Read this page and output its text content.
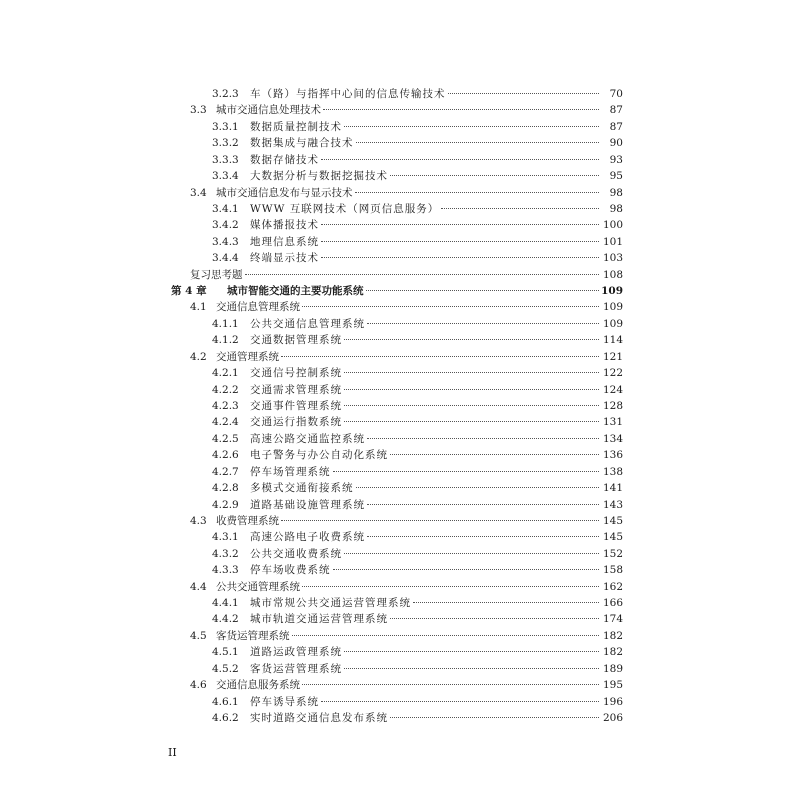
3.2.3	车（路）与指挥中心间的信息传输技术	70
3.3 城市交通信息处理技术	87
3.3.1	数据质量控制技术	87
3.3.2	数据集成与融合技术	90
3.3.3	数据存储技术	93
3.3.4	大数据分析与数据挖掘技术	95
3.4 城市交通信息发布与显示技术	98
3.4.1	WWW 互联网技术（网页信息服务）	98
3.4.2	媒体播报技术	100
3.4.3	地理信息系统	101
3.4.4	终端显示技术	103
复习思考题	108
第 4 章	城市智能交通的主要功能系统	109
4.1 交通信息管理系统	109
4.1.1	公共交通信息管理系统	109
4.1.2	交通数据管理系统	114
4.2 交通管理系统	121
4.2.1	交通信号控制系统	122
4.2.2	交通需求管理系统	124
4.2.3	交通事件管理系统	128
4.2.4	交通运行指数系统	131
4.2.5	高速公路交通监控系统	134
4.2.6	电子警务与办公自动化系统	136
4.2.7	停车场管理系统	138
4.2.8	多模式交通衔接系统	141
4.2.9	道路基础设施管理系统	143
4.3 收费管理系统	145
4.3.1	高速公路电子收费系统	145
4.3.2	公共交通收费系统	152
4.3.3	停车场收费系统	158
4.4 公共交通管理系统	162
4.4.1	城市常规公共交通运营管理系统	166
4.4.2	城市轨道交通运营管理系统	174
4.5 客货运管理系统	182
4.5.1	道路运政管理系统	182
4.5.2	客货运营管理系统	189
4.6 交通信息服务系统	195
4.6.1	停车诱导系统	196
4.6.2	实时道路交通信息发布系统	206
II
